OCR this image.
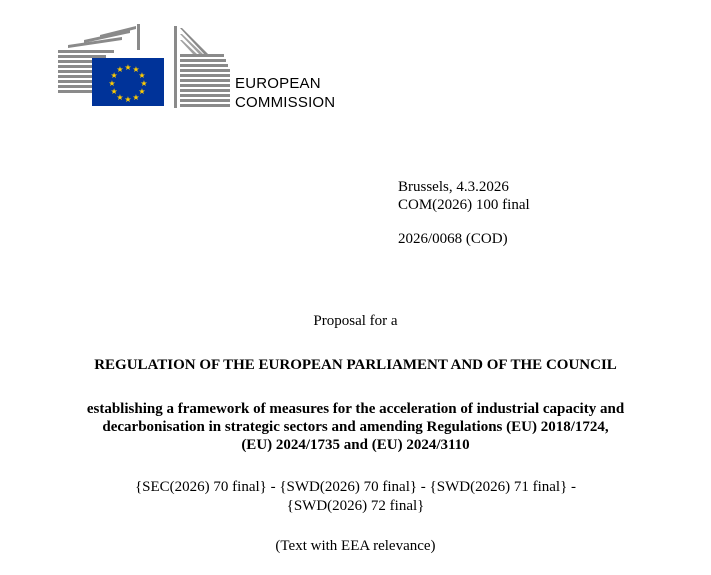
★ ★
★
★
★
★
★
★
★
★
★
★
EUROPEAN
COMMISSION
Brussels, 4.3.2026
COM(2026) 100 final
2026/0068 (COD)
Proposal for a
REGULATION OF THE EUROPEAN PARLIAMENT AND OF THE COUNCIL
establishing a framework of measures for the acceleration of industrial capacity and
decarbonisation in strategic sectors and amending Regulations (EU) 2018/1724,
(EU) 2024/1735 and (EU) 2024/3110
{SEC(2026) 70 final} - {SWD(2026) 70 final} - {SWD(2026) 71 final} -
{SWD(2026) 72 final}
(Text with EEA relevance)
